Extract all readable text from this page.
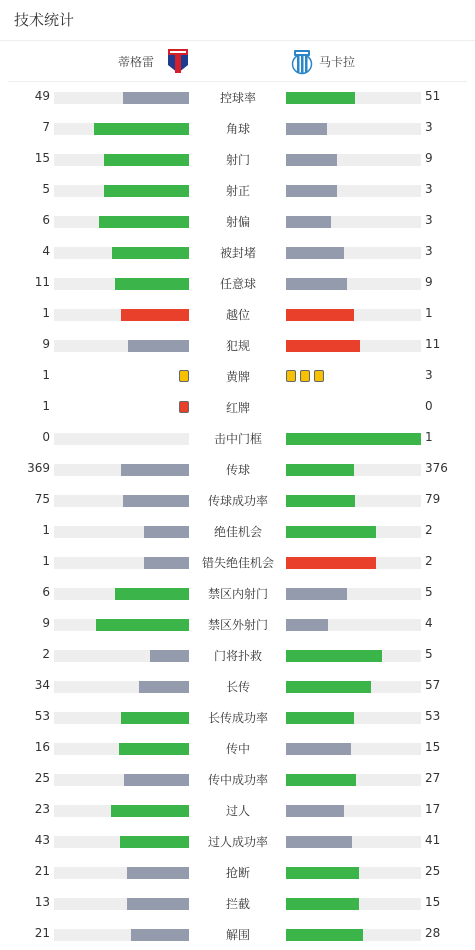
技术统计
蒂格雷	马卡拉
49	控球率	51
7	角球	3
15	射门	9
5	射正	3
6	射偏	3
4	被封堵	3
11	任意球	9
1	越位	1
9	犯规	11
1	黄牌	3
1	红牌	0
0	击中门框	1
369	传球	376
75	传球成功率	79
1	绝佳机会	2
1	错失绝佳机会	2
6	禁区内射门	5
9	禁区外射门	4
2	门将扑救	5
34	长传	57
53	长传成功率	53
16	传中	15
25	传中成功率	27
23	过人	17
43	过人成功率	41
21	抢断	25
13	拦截	15
21	解围	28
